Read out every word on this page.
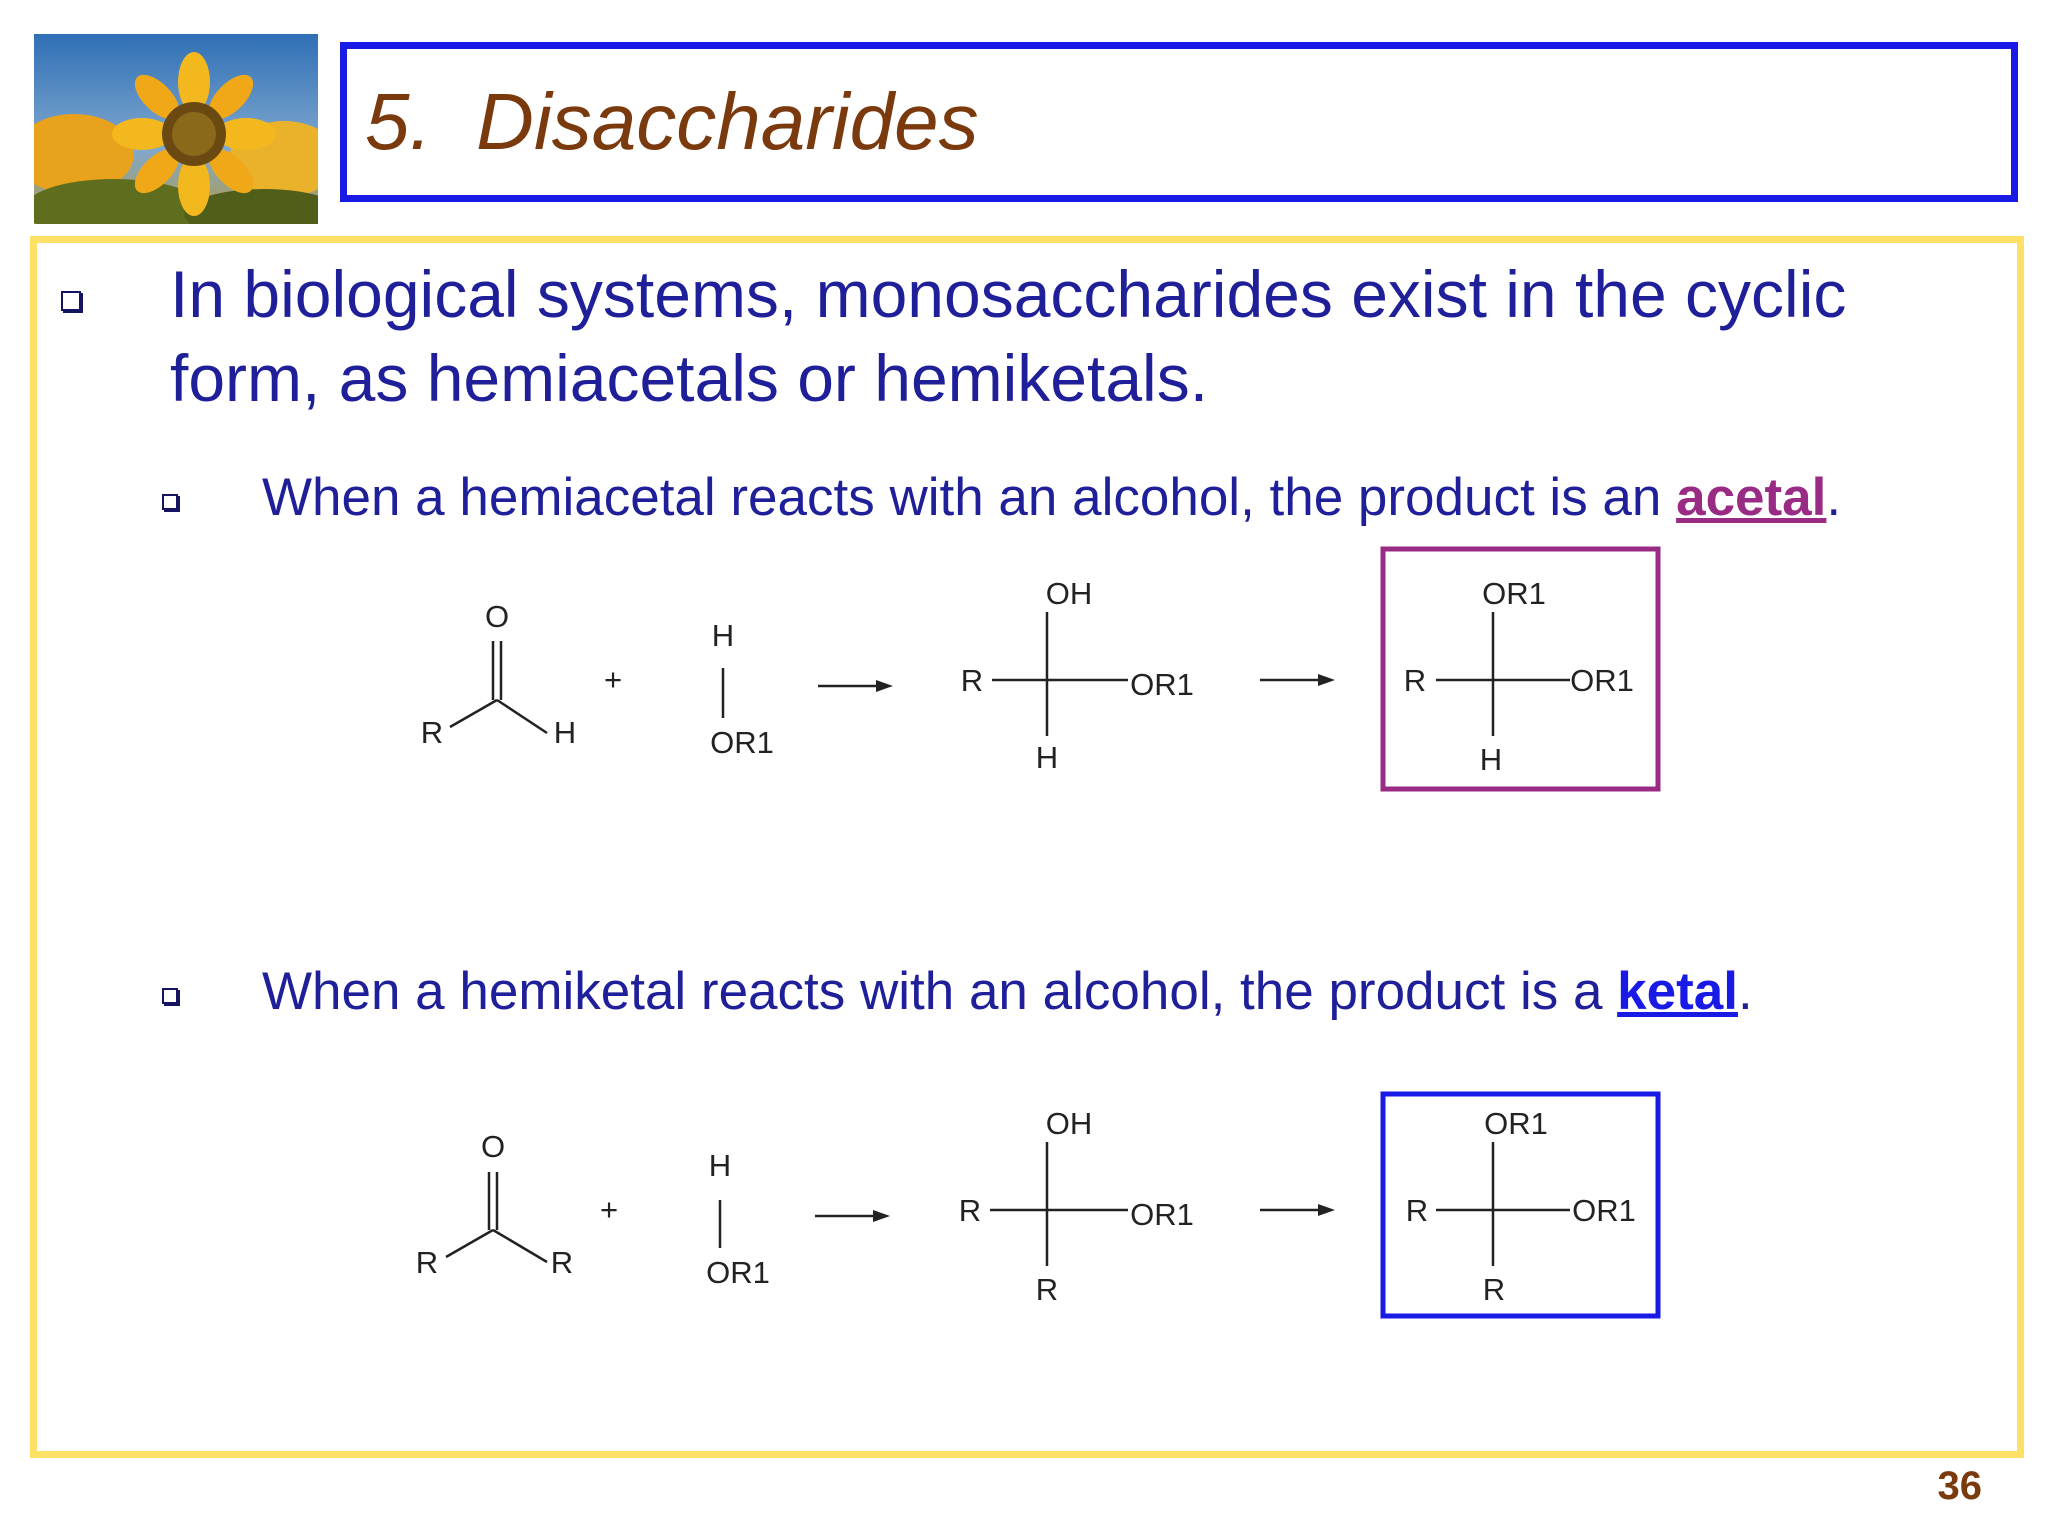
5.  Disaccharides
In biological systems, monosaccharides exist in the cyclic
form, as hemiacetals or hemiketals.
When a hemiacetal reacts with an alcohol, the product is an acetal.
O
R	H
+
H
OR1
OH
R	OR1
H
OR1
R	OR1
H
When a hemiketal reacts with an alcohol, the product is a ketal.
O
R	R
+
H
OR1
OH
R	OR1
R
OR1
R	OR1
R
36
